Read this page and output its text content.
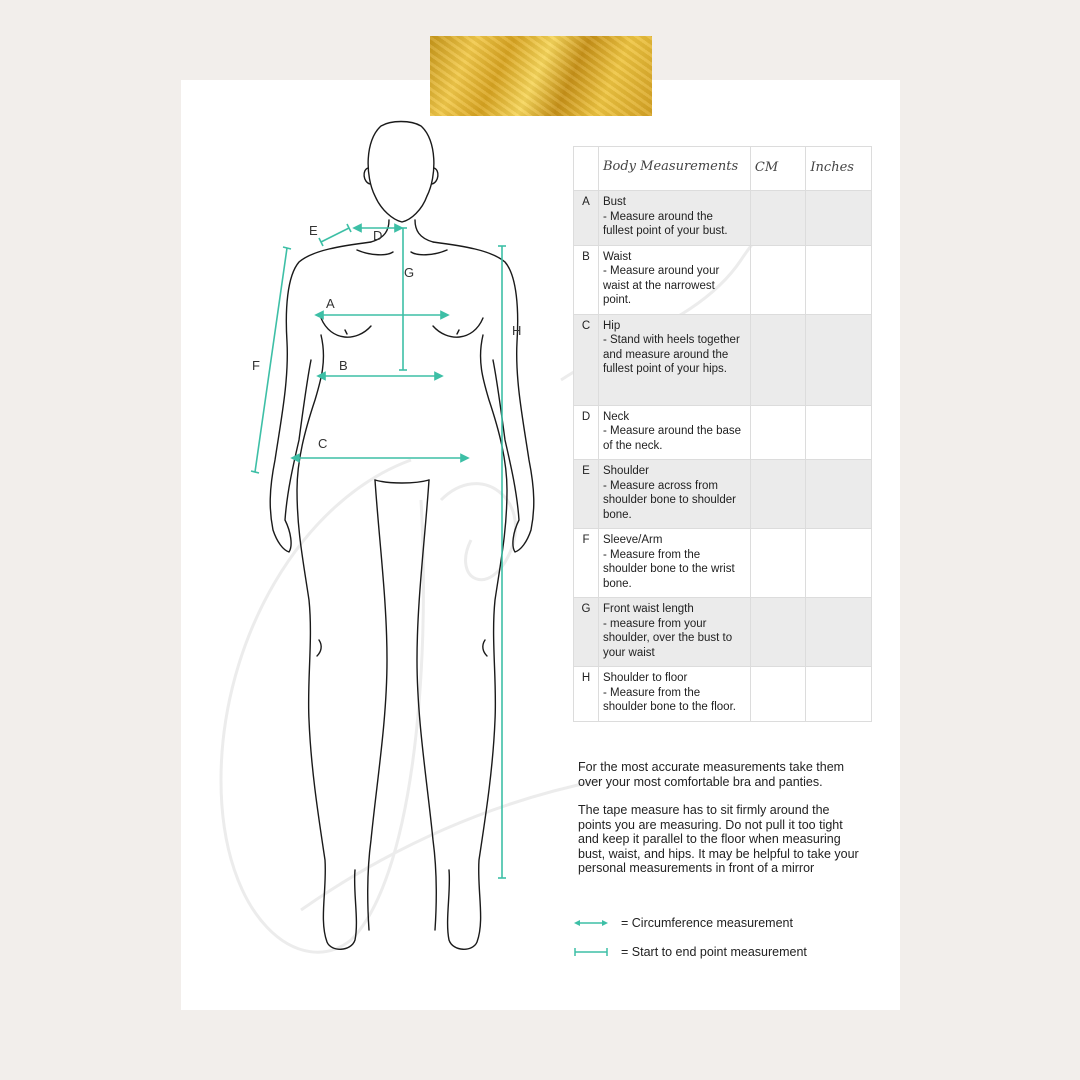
A
B
C
D
E
F
G
H
	Body Measurements	CM	Inches
A	Bust
- Measure around the fullest point of your bust.		
B	Waist
- Measure around your waist at the narrowest point.		
C	Hip
- Stand with heels together and measure around the fullest point of your hips.		
D	Neck
- Measure around the base of the neck.		
E	Shoulder
- Measure across from shoulder bone to shoulder bone.		
F	Sleeve/Arm
- Measure from the shoulder bone to the wrist bone.		
G	Front waist length
- measure from your shoulder, over the bust to your waist		
H	Shoulder to floor
- Measure from the shoulder bone to the floor.		

For the most accurate measurements take them over your most comfortable bra and panties.

The tape measure has to sit firmly around the points you are measuring. Do not pull it too tight and keep it parallel to the floor when measuring bust, waist, and hips. It may be helpful to take your personal measurements in front of a mirror

= Circumference measurement
= Start to end point measurement
